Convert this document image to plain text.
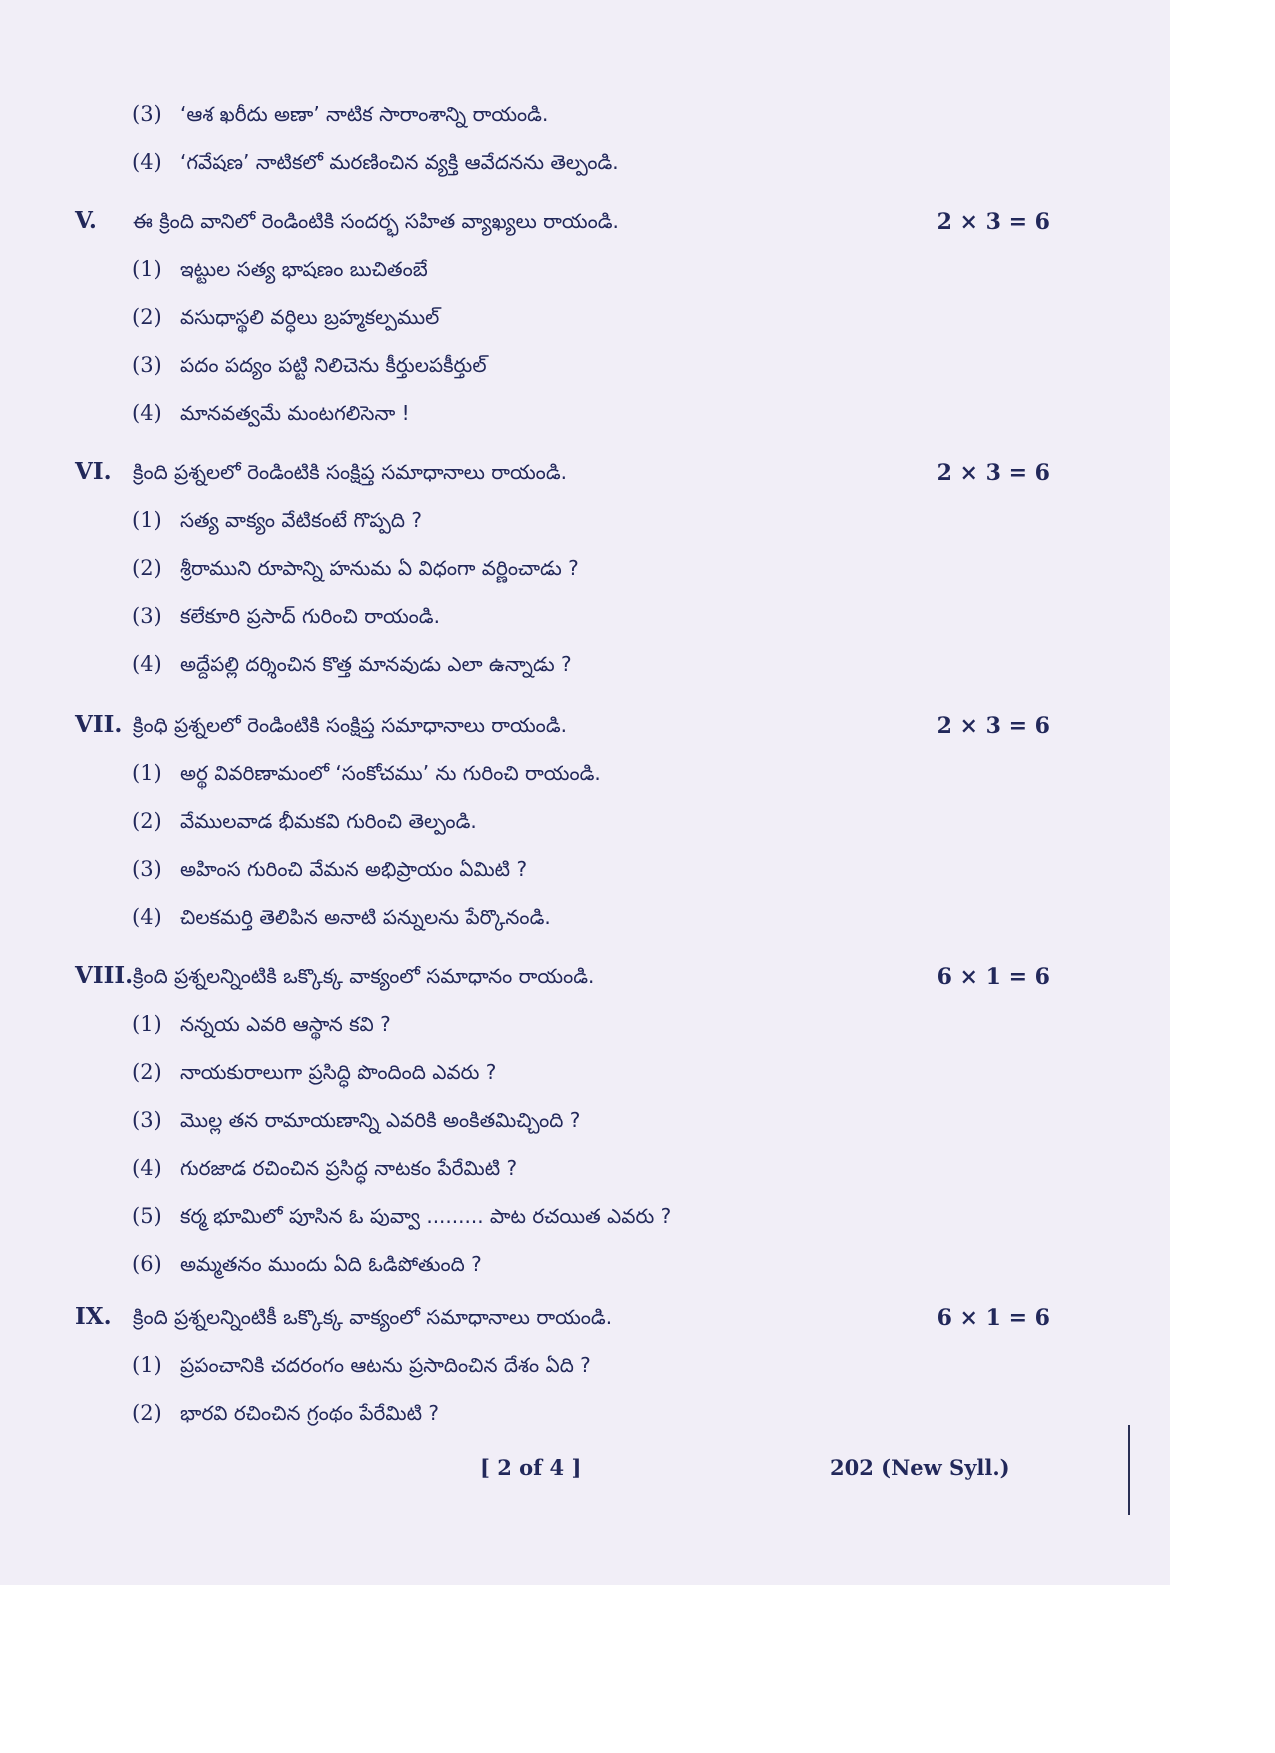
(3) ‘ఆశ ఖరీదు అణా’ నాటిక సారాంశాన్ని రాయండి.
(4) ‘గవేషణ’ నాటికలో మరణించిన వ్యక్తి ఆవేదనను తెల్పండి.
V. ఈ క్రింది వానిలో రెండింటికి సందర్భ సహిత వ్యాఖ్యలు రాయండి.	2 × 3 = 6
(1) ఇట్టుల సత్య భాషణం బుచితంబే
(2) వసుధాస్థలి వర్ధిలు బ్రహ్మకల్పముల్
(3) పదం పద్యం పట్టి నిలిచెను కీర్తులపకీర్తుల్
(4) మానవత్వమే మంటగలిసెనా !
VI. క్రింది ప్రశ్నలలో రెండింటికి సంక్షిప్త సమాధానాలు రాయండి.	2 × 3 = 6
(1) సత్య వాక్యం వేటికంటే గొప్పది ?
(2) శ్రీరాముని రూపాన్ని హనుమ ఏ విధంగా వర్ణించాడు ?
(3) కలేకూరి ప్రసాద్ గురించి రాయండి.
(4) అద్దేపల్లి దర్శించిన కొత్త మానవుడు ఎలా ఉన్నాడు ?
VII. క్రింధి ప్రశ్నలలో రెండింటికి సంక్షిప్త సమాధానాలు రాయండి.	2 × 3 = 6
(1) అర్థ వివరిణామంలో ‘సంకోచము’ ను గురించి రాయండి.
(2) వేములవాడ భీమకవి గురించి తెల్పండి.
(3) అహింస గురించి వేమన అభిప్రాయం ఏమిటి ?
(4) చిలకమర్తి తెలిపిన అనాటి పన్నులను పేర్కొనండి.
VIII. క్రింది ప్రశ్నలన్నింటికి ఒక్కొక్క వాక్యంలో సమాధానం రాయండి.	6 × 1 = 6
(1) నన్నయ ఎవరి ఆస్థాన కవి ?
(2) నాయకురాలుగా ప్రసిద్ధి పొందింది ఎవరు ?
(3) మొల్ల తన రామాయణాన్ని ఎవరికి అంకితమిచ్చింది ?
(4) గురజాడ రచించిన ప్రసిద్ధ నాటకం పేరేమిటి ?
(5) కర్మ భూమిలో పూసిన ఓ పువ్వా ......... పాట రచయిత ఎవరు ?
(6) అమ్మతనం ముందు ఏది ఓడిపోతుంది ?
IX. క్రింది ప్రశ్నలన్నింటికీ ఒక్కొక్క వాక్యంలో సమాధానాలు రాయండి.	6 × 1 = 6
(1) ప్రపంచానికి చదరంగం ఆటను ప్రసాదించిన దేశం ఏది ?
(2) భారవి రచించిన గ్రంథం పేరేమిటి ?
[ 2 of 4 ]	202 (New Syll.)
